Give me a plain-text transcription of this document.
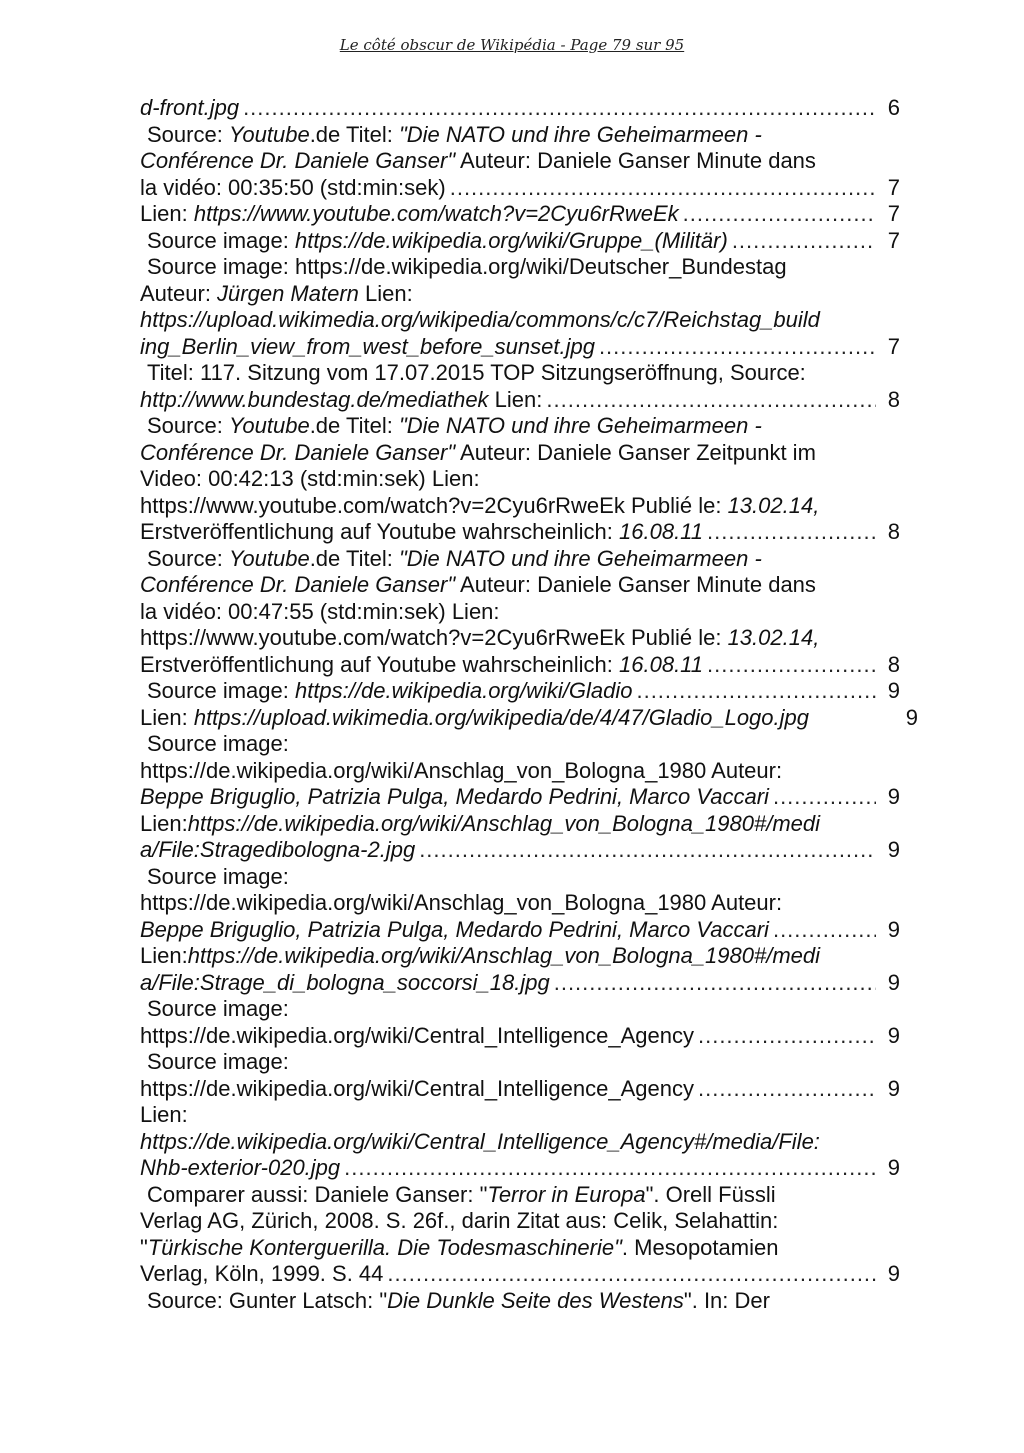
Le côté obscur de Wikipédia - Page 79 sur 95
d-front.jpg .....	6
Source: Youtube.de Titel: "Die NATO und ihre Geheimarmeen -
Conférence Dr. Daniele Ganser" Auteur: Daniele Ganser Minute dans
la vidéo: 00:35:50 (std:min:sek) .....	7
Lien: https://www.youtube.com/watch?v=2Cyu6rRweEk .....	7
Source image: https://de.wikipedia.org/wiki/Gruppe_(Militär) .....	7
Source image: https://de.wikipedia.org/wiki/Deutscher_Bundestag
Auteur: Jürgen Matern Lien:
https://upload.wikimedia.org/wikipedia/commons/c/c7/Reichstag_build
ing_Berlin_view_from_west_before_sunset.jpg .....	7
Titel: 117. Sitzung vom 17.07.2015 TOP Sitzungseröffnung, Source:
http://www.bundestag.de/mediathek Lien: .....	8
Source: Youtube.de Titel: "Die NATO und ihre Geheimarmeen -
Conférence Dr. Daniele Ganser" Auteur: Daniele Ganser Zeitpunkt im
Video: 00:42:13 (std:min:sek) Lien:
https://www.youtube.com/watch?v=2Cyu6rRweEk Publié le: 13.02.14,
Erstveröffentlichung auf Youtube wahrscheinlich: 16.08.11 .....	8
Source: Youtube.de Titel: "Die NATO und ihre Geheimarmeen -
Conférence Dr. Daniele Ganser" Auteur: Daniele Ganser Minute dans
la vidéo: 00:47:55 (std:min:sek) Lien:
https://www.youtube.com/watch?v=2Cyu6rRweEk Publié le: 13.02.14,
Erstveröffentlichung auf Youtube wahrscheinlich: 16.08.11 .....	8
Source image: https://de.wikipedia.org/wiki/Gladio .....	9
Lien: https://upload.wikimedia.org/wikipedia/de/4/47/Gladio_Logo.jpg	9
Source image:
https://de.wikipedia.org/wiki/Anschlag_von_Bologna_1980 Auteur:
Beppe Briguglio, Patrizia Pulga, Medardo Pedrini, Marco Vaccari .....	9
Lien:https://de.wikipedia.org/wiki/Anschlag_von_Bologna_1980#/medi
a/File:Stragedibologna-2.jpg .....	9
Source image:
https://de.wikipedia.org/wiki/Anschlag_von_Bologna_1980 Auteur:
Beppe Briguglio, Patrizia Pulga, Medardo Pedrini, Marco Vaccari .....	9
Lien:https://de.wikipedia.org/wiki/Anschlag_von_Bologna_1980#/medi
a/File:Strage_di_bologna_soccorsi_18.jpg .....	9
Source image:
https://de.wikipedia.org/wiki/Central_Intelligence_Agency .....	9
Source image:
https://de.wikipedia.org/wiki/Central_Intelligence_Agency .....	9
Lien:
https://de.wikipedia.org/wiki/Central_Intelligence_Agency#/media/File:
Nhb-exterior-020.jpg .....	9
Comparer aussi: Daniele Ganser: "Terror in Europa". Orell Füssli
Verlag AG, Zürich, 2008. S. 26f., darin Zitat aus: Celik, Selahattin:
"Türkische Konterguerilla. Die Todesmaschinerie". Mesopotamien
Verlag, Köln, 1999. S. 44 .....	9
Source: Gunter Latsch: "Die Dunkle Seite des Westens". In: Der
